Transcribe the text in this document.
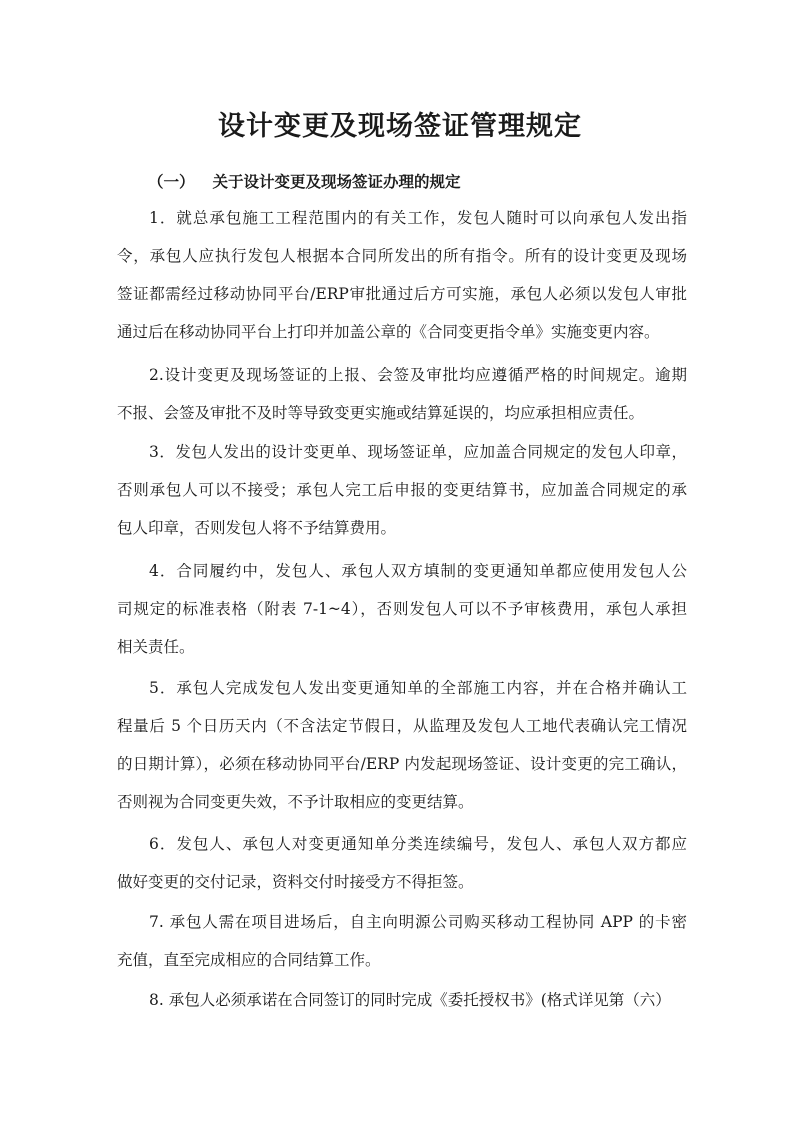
设计变更及现场签证管理规定
（一） 关于设计变更及现场签证办理的规定
1．就总承包施工工程范围内的有关工作，发包人随时可以向承包人发出指
令，承包人应执行发包人根据本合同所发出的所有指令。所有的设计变更及现场
签证都需经过移动协同平台/ERP审批通过后方可实施，承包人必须以发包人审批
通过后在移动协同平台上打印并加盖公章的《合同变更指令单》实施变更内容。
2.设计变更及现场签证的上报、会签及审批均应遵循严格的时间规定。逾期
不报、会签及审批不及时等导致变更实施或结算延误的，均应承担相应责任。
3．发包人发出的设计变更单、现场签证单，应加盖合同规定的发包人印章，
否则承包人可以不接受；承包人完工后申报的变更结算书，应加盖合同规定的承
包人印章，否则发包人将不予结算费用。
4．合同履约中，发包人、承包人双方填制的变更通知单都应使用发包人公
司规定的标准表格（附表 7-1~4），否则发包人可以不予审核费用，承包人承担
相关责任。
5．承包人完成发包人发出变更通知单的全部施工内容，并在合格并确认工
程量后 5 个日历天内（不含法定节假日，从监理及发包人工地代表确认完工情况
的日期计算），必须在移动协同平台/ERP 内发起现场签证、设计变更的完工确认，
否则视为合同变更失效，不予计取相应的变更结算。
6．发包人、承包人对变更通知单分类连续编号，发包人、承包人双方都应
做好变更的交付记录，资料交付时接受方不得拒签。
7. 承包人需在项目进场后，自主向明源公司购买移动工程协同 APP 的卡密
充值，直至完成相应的合同结算工作。
8. 承包人必须承诺在合同签订的同时完成《委托授权书》(格式详见第（六）
